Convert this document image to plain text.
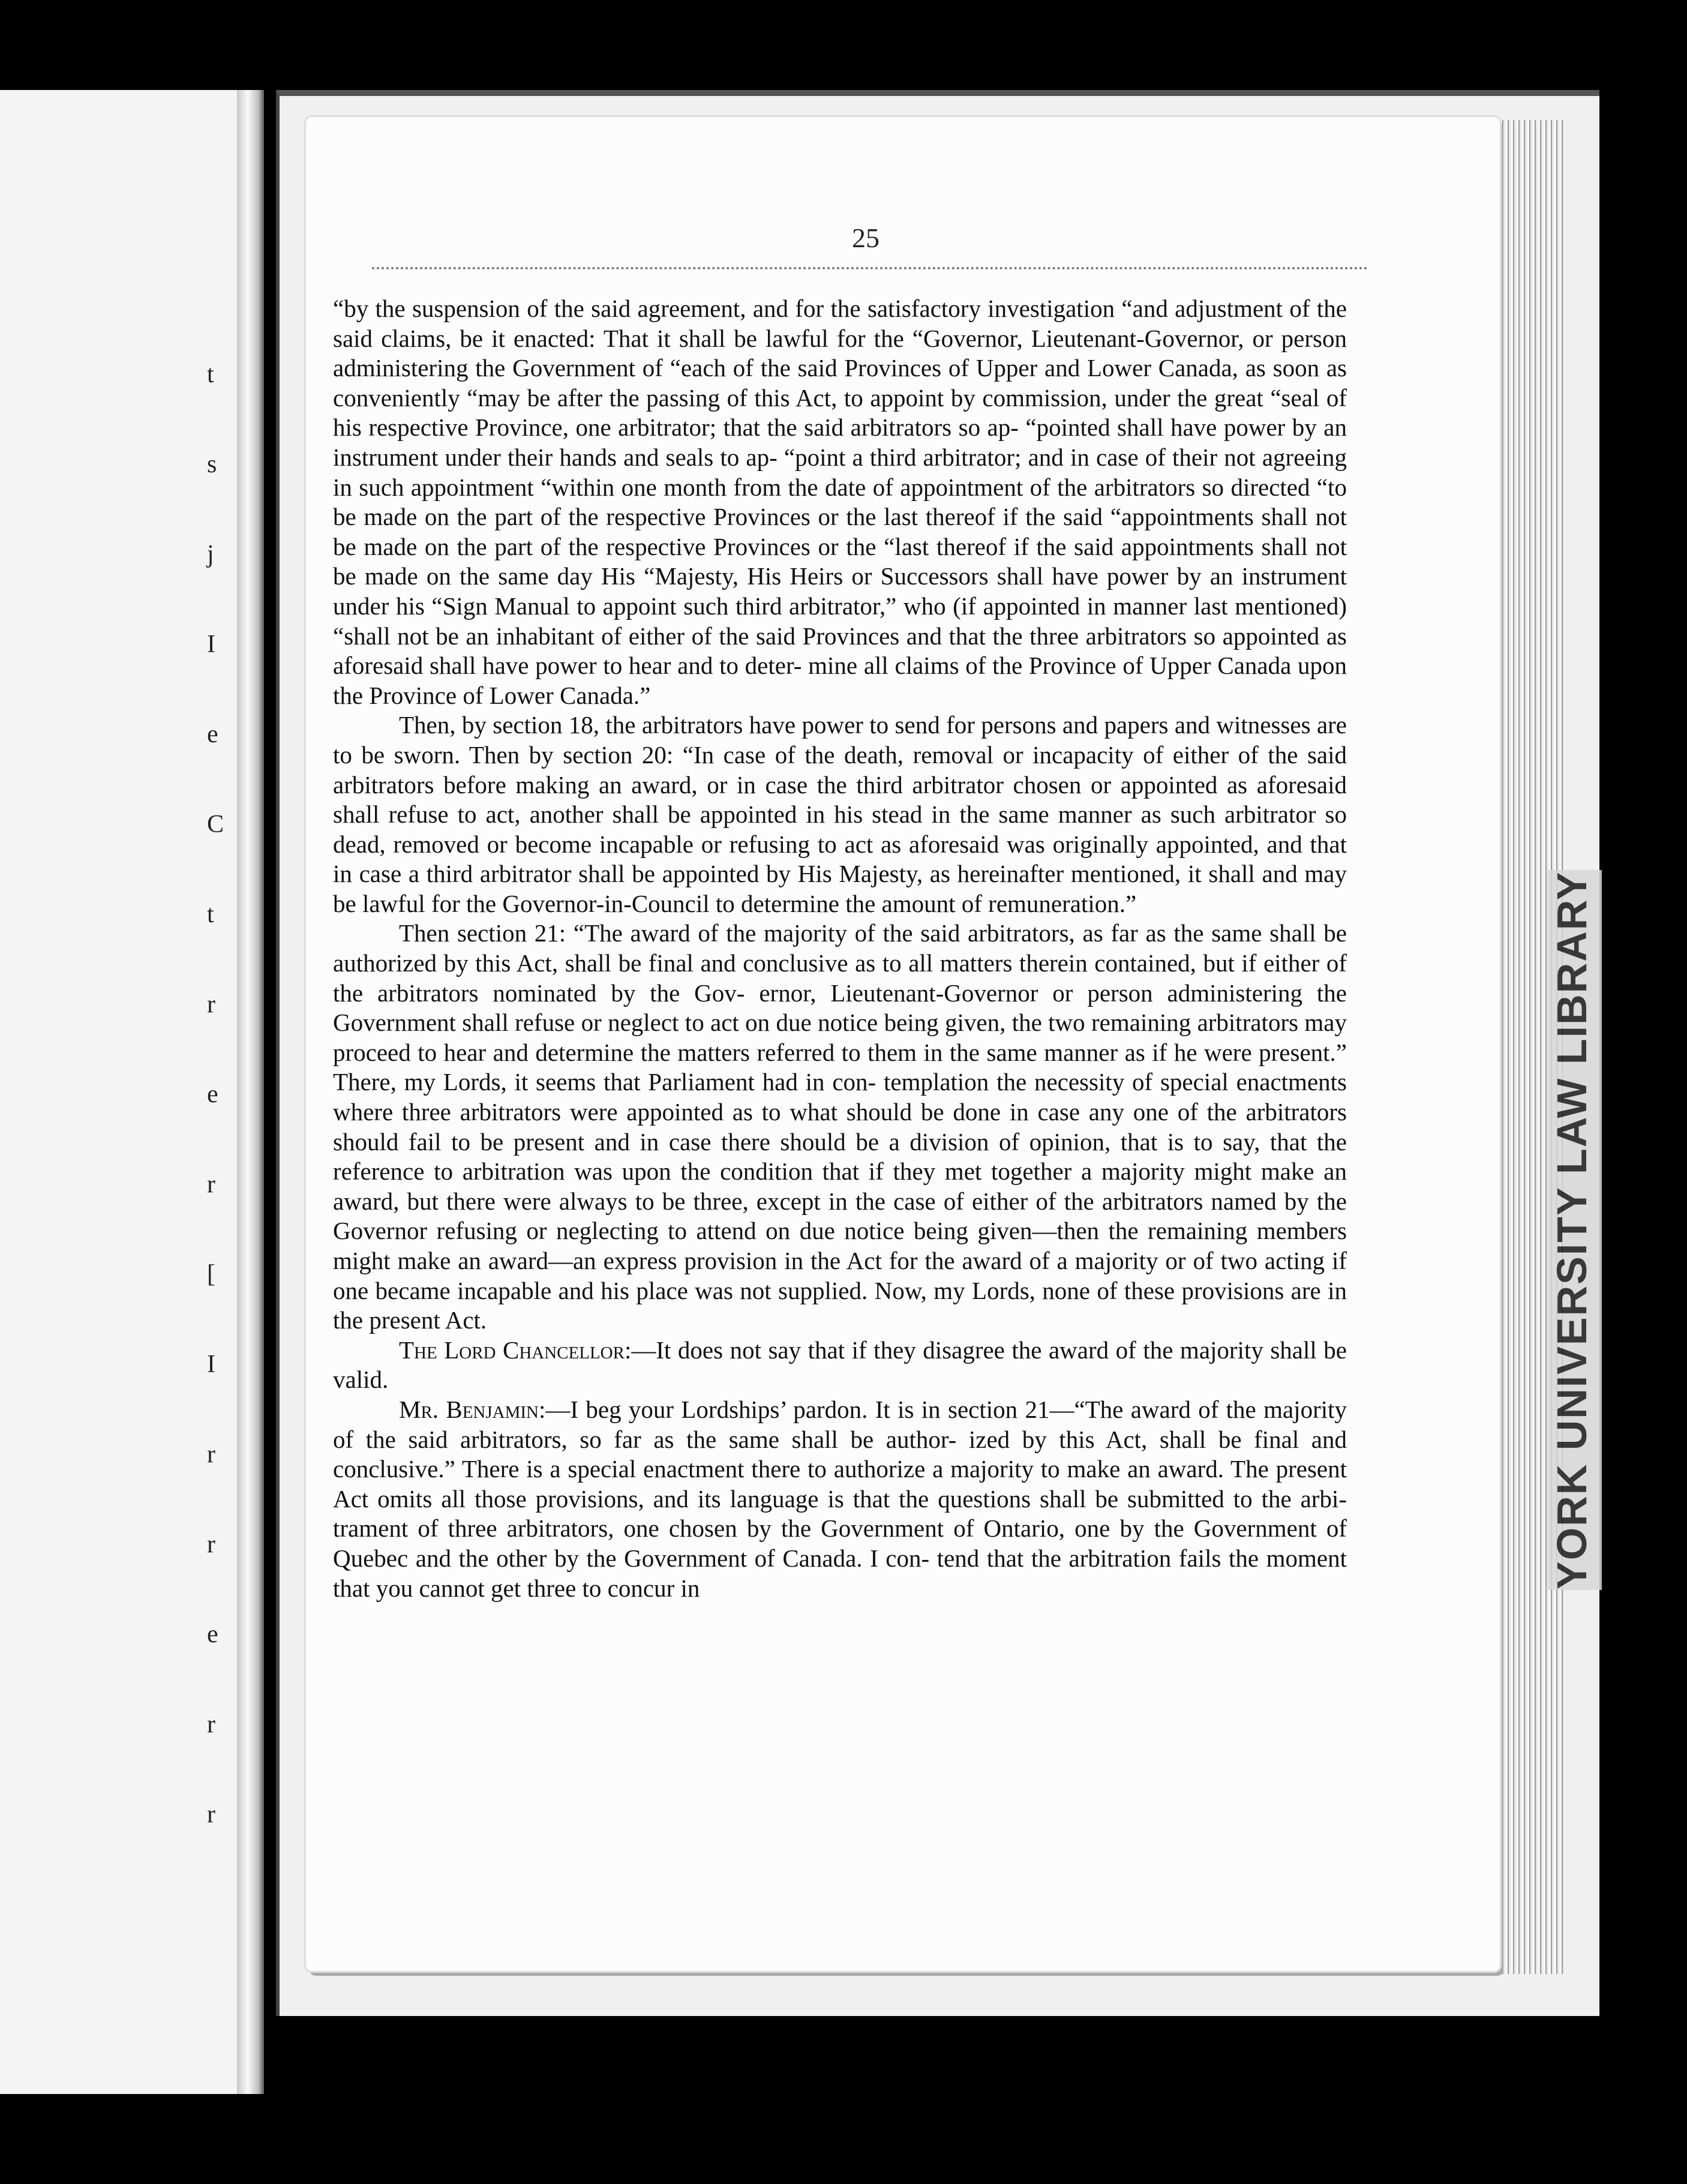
t
s
j
I
e
C
t
r
e
r
[
I
r
r
e
r
r
YORK UNIVERSITY LAW LIBRARY
25

“by the suspension of the said agreement, and for the satisfactory investigation “and adjustment of the said claims, be it enacted: That it shall be lawful for the “Governor, Lieutenant-Governor, or person administering the Government of “each of the said Provinces of Upper and Lower Canada, as soon as conveniently “may be after the passing of this Act, to appoint by commission, under the great “seal of his respective Province, one arbitrator; that the said arbitrators so ap- “pointed shall have power by an instrument under their hands and seals to ap- “point a third arbitrator; and in case of their not agreeing in such appointment “within one month from the date of appointment of the arbitrators so directed “to be made on the part of the respective Provinces or the last thereof if the said “appointments shall not be made on the part of the respective Provinces or the “last thereof if the said appointments shall not be made on the same day His “Majesty, His Heirs or Successors shall have power by an instrument under his “Sign Manual to appoint such third arbitrator,” who (if appointed in manner last mentioned) “shall not be an inhabitant of either of the said Provinces and that the three arbitrators so appointed as aforesaid shall have power to hear and to deter- mine all claims of the Province of Upper Canada upon the Province of Lower Canada.”

Then, by section 18, the arbitrators have power to send for persons and papers and witnesses are to be sworn. Then by section 20: “In case of the death, removal or incapacity of either of the said arbitrators before making an award, or in case the third arbitrator chosen or appointed as aforesaid shall refuse to act, another shall be appointed in his stead in the same manner as such arbitrator so dead, removed or become incapable or refusing to act as aforesaid was originally appointed, and that in case a third arbitrator shall be appointed by His Majesty, as hereinafter mentioned, it shall and may be lawful for the Governor-in-Council to determine the amount of remuneration.”

Then section 21: “The award of the majority of the said arbitrators, as far as the same shall be authorized by this Act, shall be final and conclusive as to all matters therein contained, but if either of the arbitrators nominated by the Gov- ernor, Lieutenant-Governor or person administering the Government shall refuse or neglect to act on due notice being given, the two remaining arbitrators may proceed to hear and determine the matters referred to them in the same manner as if he were present.” There, my Lords, it seems that Parliament had in con- templation the necessity of special enactments where three arbitrators were appointed as to what should be done in case any one of the arbitrators should fail to be present and in case there should be a division of opinion, that is to say, that the reference to arbitration was upon the condition that if they met together a majority might make an award, but there were always to be three, except in the case of either of the arbitrators named by the Governor refusing or neglecting to attend on due notice being given—then the remaining members might make an award—an express provision in the Act for the award of a majority or of two acting if one became incapable and his place was not supplied. Now, my Lords, none of these provisions are in the present Act.

The Lord Chancellor:—It does not say that if they disagree the award of the majority shall be valid.

Mr. Benjamin:—I beg your Lordships’ pardon. It is in section 21—“The award of the majority of the said arbitrators, so far as the same shall be author- ized by this Act, shall be final and conclusive.” There is a special enactment there to authorize a majority to make an award. The present Act omits all those provisions, and its language is that the questions shall be submitted to the arbi- trament of three arbitrators, one chosen by the Government of Ontario, one by the Government of Quebec and the other by the Government of Canada. I con- tend that the arbitration fails the moment that you cannot get three to concur in
